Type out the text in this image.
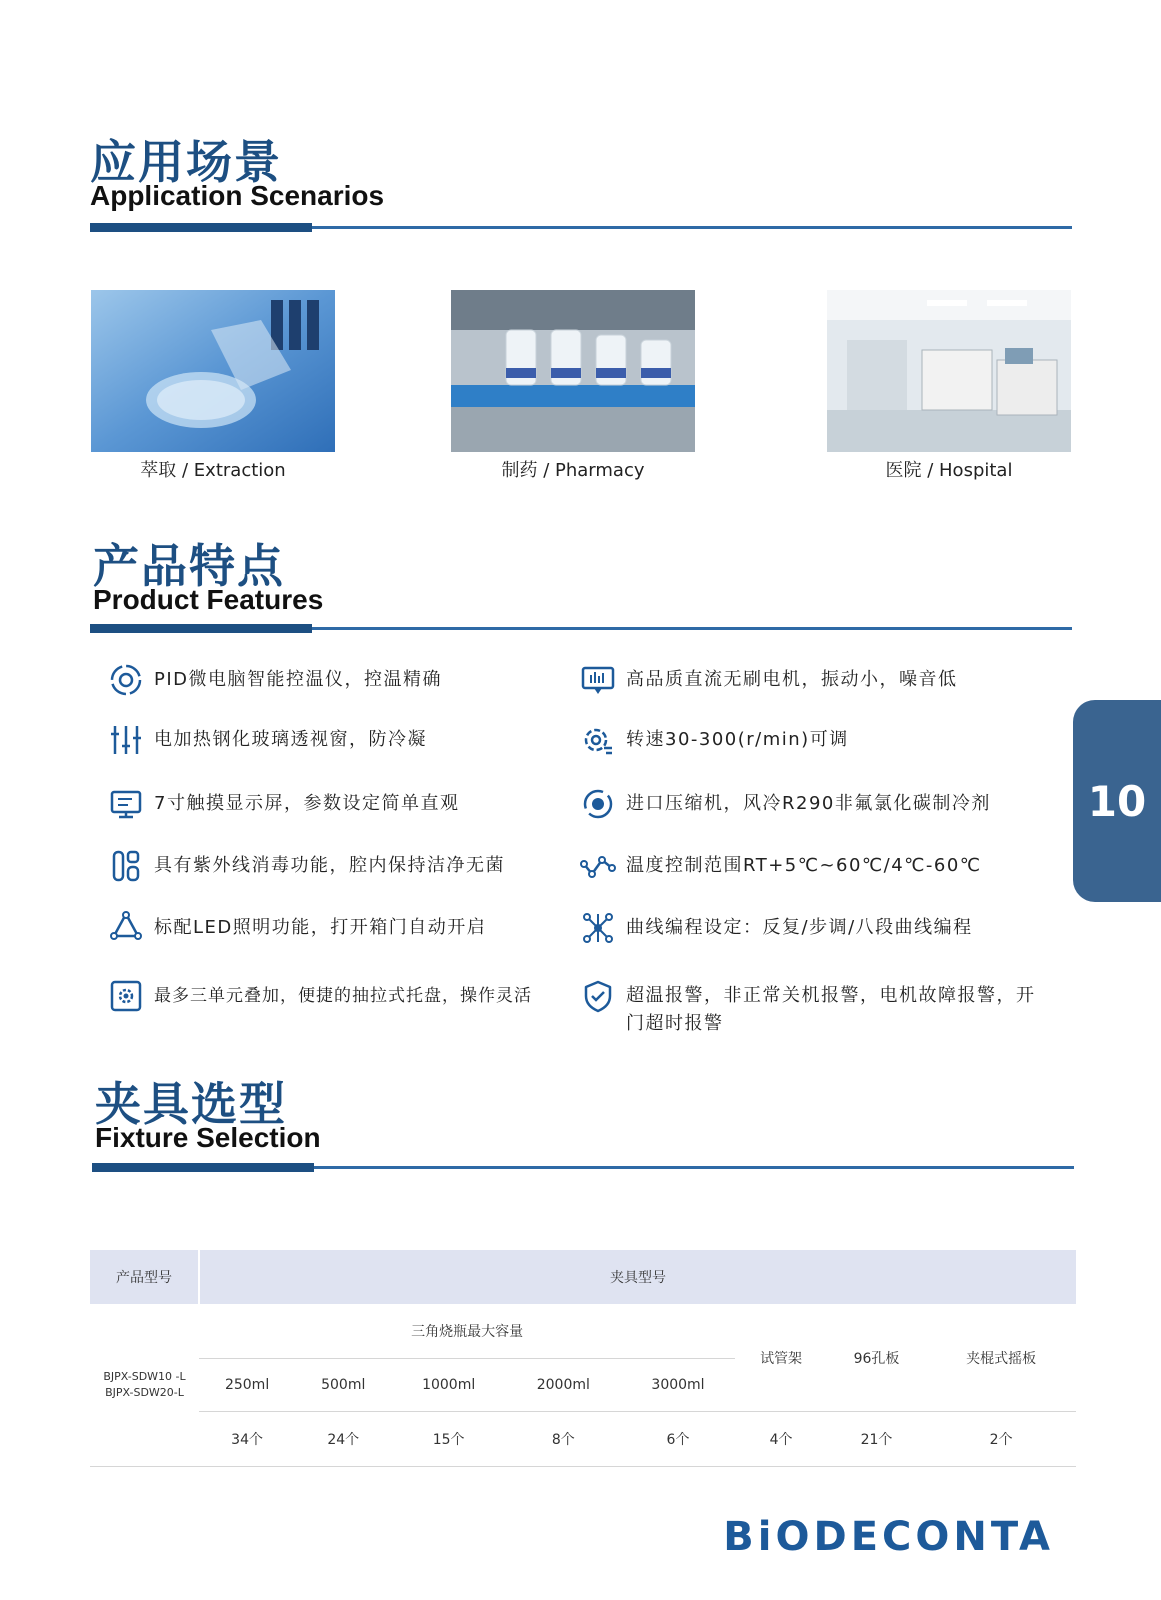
应用场景
Application Scenarios
萃取 / Extraction	制药 / Pharmacy	医院 / Hospital
产品特点
Product Features
PID微电脑智能控温仪，控温精确
电加热钢化玻璃透视窗，防冷凝
7寸触摸显示屏，参数设定简单直观
具有紫外线消毒功能，腔内保持洁净无菌
标配LED照明功能，打开箱门自动开启
最多三单元叠加，便捷的抽拉式托盘，操作灵活
高品质直流无刷电机，振动小，噪音低
转速30-300(r/min)可调
进口压缩机，风冷R290非氟氯化碳制冷剂
温度控制范围RT+5℃~60℃/4℃-60℃
曲线编程设定：反复/步调/八段曲线编程
超温报警，非正常关机报警，电机故障报警，开门超时报警
10
夹具选型
Fixture Selection
产品型号	夹具型号							

BJPX-SDW10 -L
BJPX-SDW20-L	三角烧瓶最大容量					试管架	96孔板	夹棍式摇板
	250ml	500ml	1000ml	2000ml	3000ml			
	34个	24个	15个	8个	6个	4个	21个	2个
BiODECONTA
